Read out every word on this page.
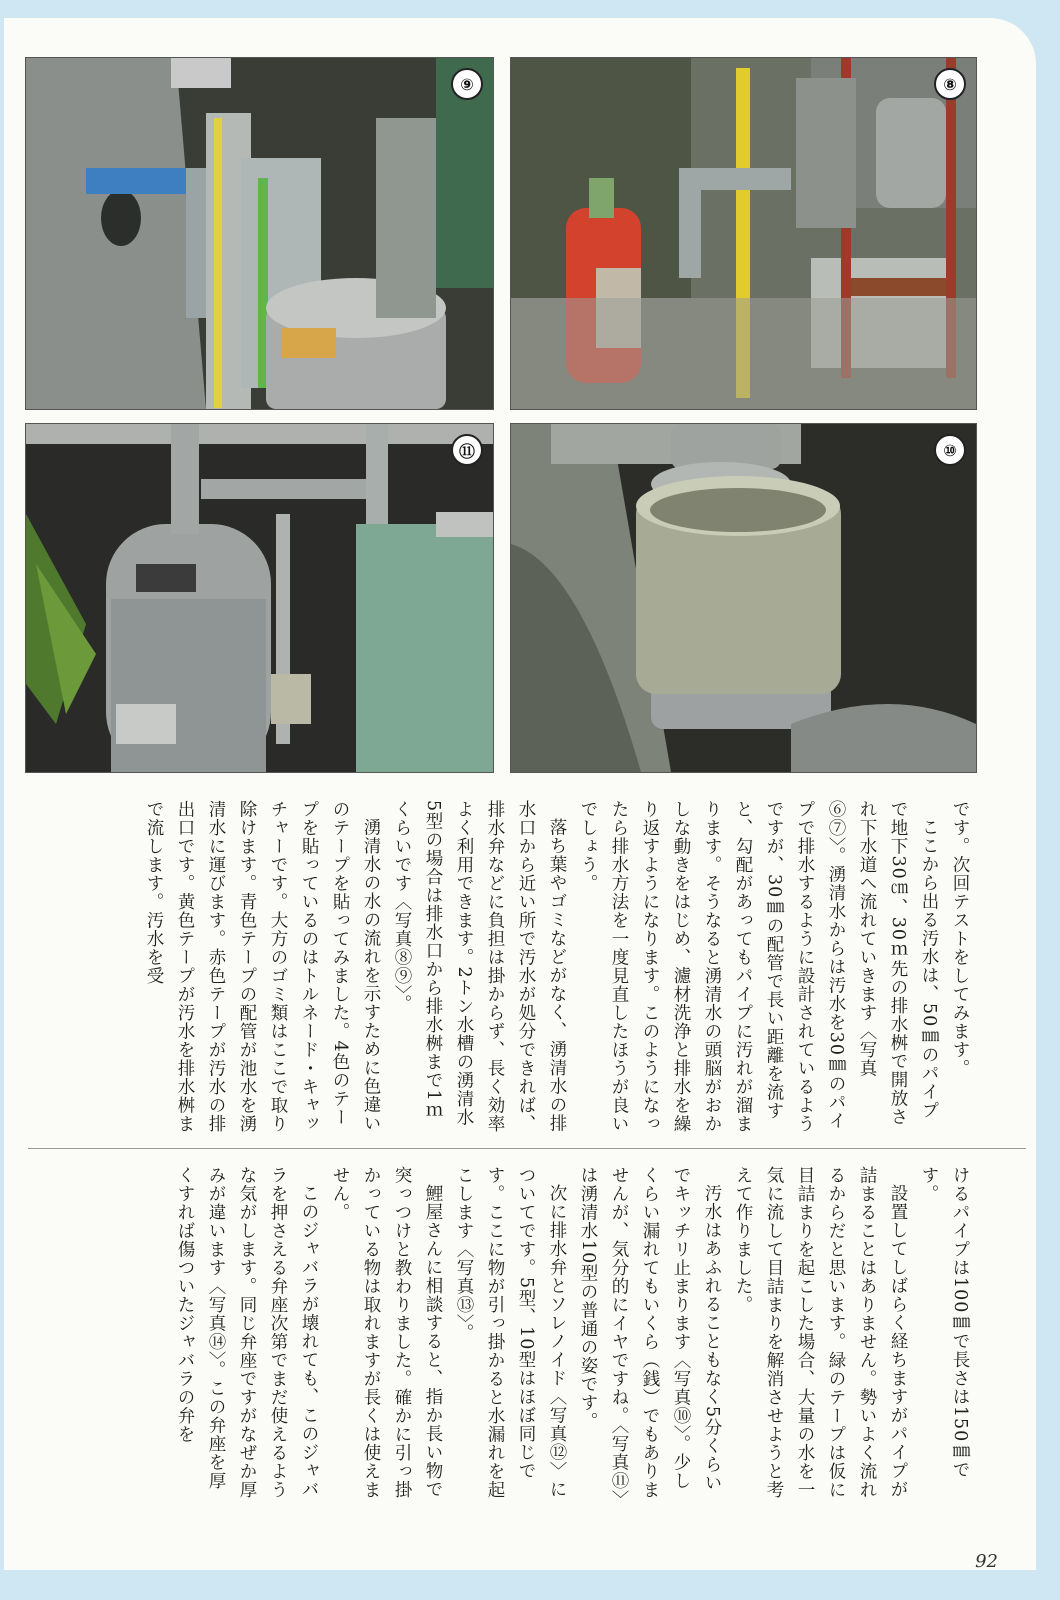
⑨	⑧
⑪	⑩

です。次回テストをしてみます。

ここから出る汚水は、50㎜のパイプで地下30㎝、30ｍ先の排水桝で開放され下水道へ流れていきます〈写真⑥⑦〉。湧清水からは汚水を30㎜のパイプで排水するように設計されているようですが、30㎜の配管で長い距離を流すと、勾配があってもパイプに汚れが溜まります。そうなると湧清水の頭脳がおかしな動きをはじめ、濾材洗浄と排水を繰り返すようになります。このようになったら排水方法を一度見直したほうが良いでしょう。

落ち葉やゴミなどがなく、湧清水の排水口から近い所で汚水が処分できれば、排水弁などに負担は掛からず、長く効率よく利用できます。2トン水槽の湧清水5型の場合は排水口から排水桝まで1ｍくらいです〈写真⑧⑨〉。

湧清水の水の流れを示すために色違いのテープを貼ってみました。4色のテープを貼っているのはトルネード・キャッチャーです。大方のゴミ類はここで取り除けます。青色テープの配管が池水を湧清水に運びます。赤色テープが汚水の排出口です。黄色テープが汚水を排水桝まで流します。汚水を受

けるパイプは100㎜で長さは150㎜です。

設置してしばらく経ちますがパイプが詰まることはありません。勢いよく流れるからだと思います。緑のテープは仮に目詰まりを起こした場合、大量の水を一気に流して目詰まりを解消させようと考えて作りました。

汚水はあふれることもなく5分くらいでキッチリ止まります〈写真⑩〉。少しくらい漏れてもいくら（銭）でもありませんが、気分的にイヤですね。〈写真⑪〉は湧清水10型の普通の姿です。

次に排水弁とソレノイド〈写真⑫〉についてです。5型、10型はほぼ同じです。ここに物が引っ掛かると水漏れを起こします〈写真⑬〉。

鯉屋さんに相談すると、指か長い物で突っつけと教わりました。確かに引っ掛かっている物は取れますが長くは使えません。

このジャバラが壊れても、このジャバラを押さえる弁座次第でまだ使えるような気がします。同じ弁座ですがなぜか厚みが違います〈写真⑭〉。この弁座を厚くすれば傷ついたジャバラの弁を

92
